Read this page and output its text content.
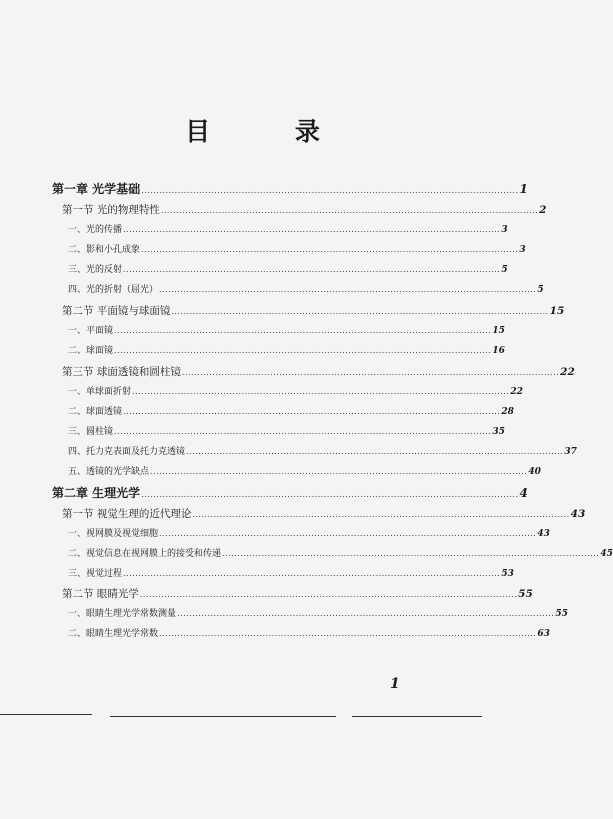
目 录
第一章 光学基础 ............................................................................................................................ 1
第一节 光的物理特性 ............................................................................................................................ 2
一、光的传播 ............................................................................................................................ 3
二、影和小孔成象 ............................................................................................................................ 3
三、光的反射 ............................................................................................................................ 5
四、光的折射（屈光） ............................................................................................................................ 5
第二节 平面镜与球面镜 ............................................................................................................................ 15
一、平面镜 ............................................................................................................................ 15
二、球面镜 ............................................................................................................................ 16
第三节 球面透镜和圆柱镜 ............................................................................................................................ 22
一、单球面折射 ............................................................................................................................ 22
二、球面透镜 ............................................................................................................................ 28
三、圆柱镜 ............................................................................................................................ 35
四、托力克表面及托力克透镜 ............................................................................................................................ 37
五、透镜的光学缺点 ............................................................................................................................ 40
第二章 生理光学 ............................................................................................................................ 4
第一节 视觉生理的近代理论 ............................................................................................................................ 43
一、视网膜及视觉细胞 ............................................................................................................................ 43
二、视觉信息在视网膜上的接受和传递 ............................................................................................................................ 45
三、视觉过程 ............................................................................................................................ 53
第二节 眼睛光学 ............................................................................................................................ 55
一、眼睛生理光学常数测量 ............................................................................................................................ 55
二、眼睛生理光学常数 ............................................................................................................................ 63
1
